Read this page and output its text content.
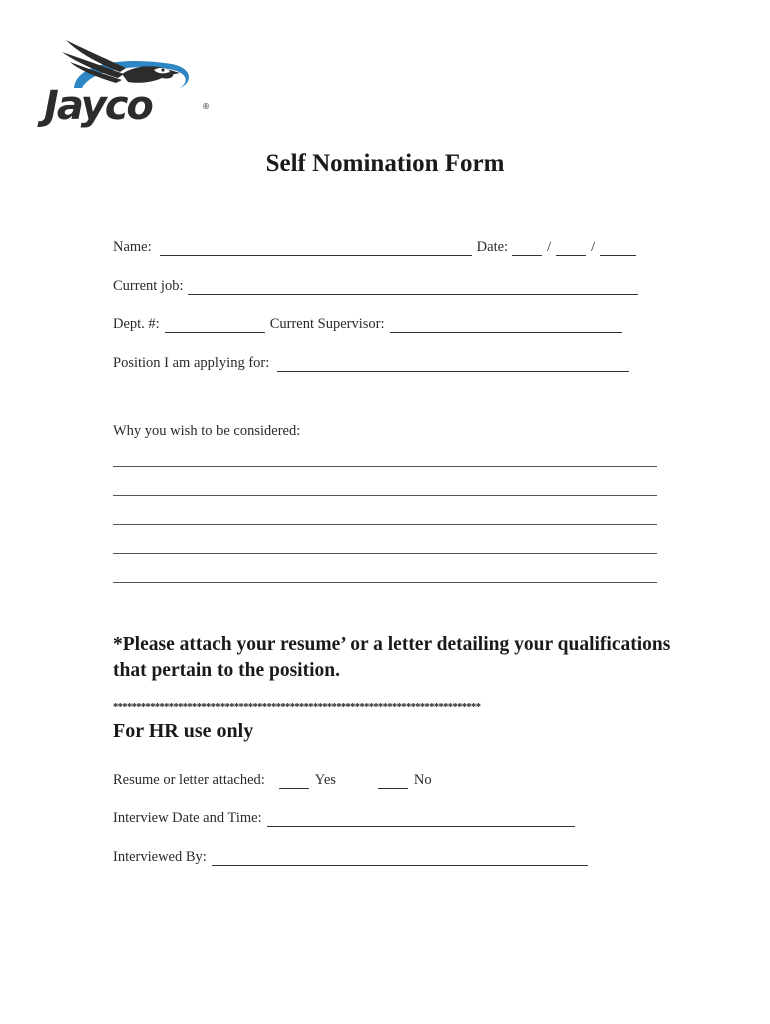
Jayco	®
Self Nomination Form
Name:	Date:	/	/
Current job:
Dept. #:	Current Supervisor:
Position I am applying for:
Why you wish to be considered:
*Please attach your resume’ or a letter detailing your qualifications that pertain to the position.
*******************************************************************************
For HR use only
Resume or letter attached:	Yes	No
Interview Date and Time:
Interviewed By:
